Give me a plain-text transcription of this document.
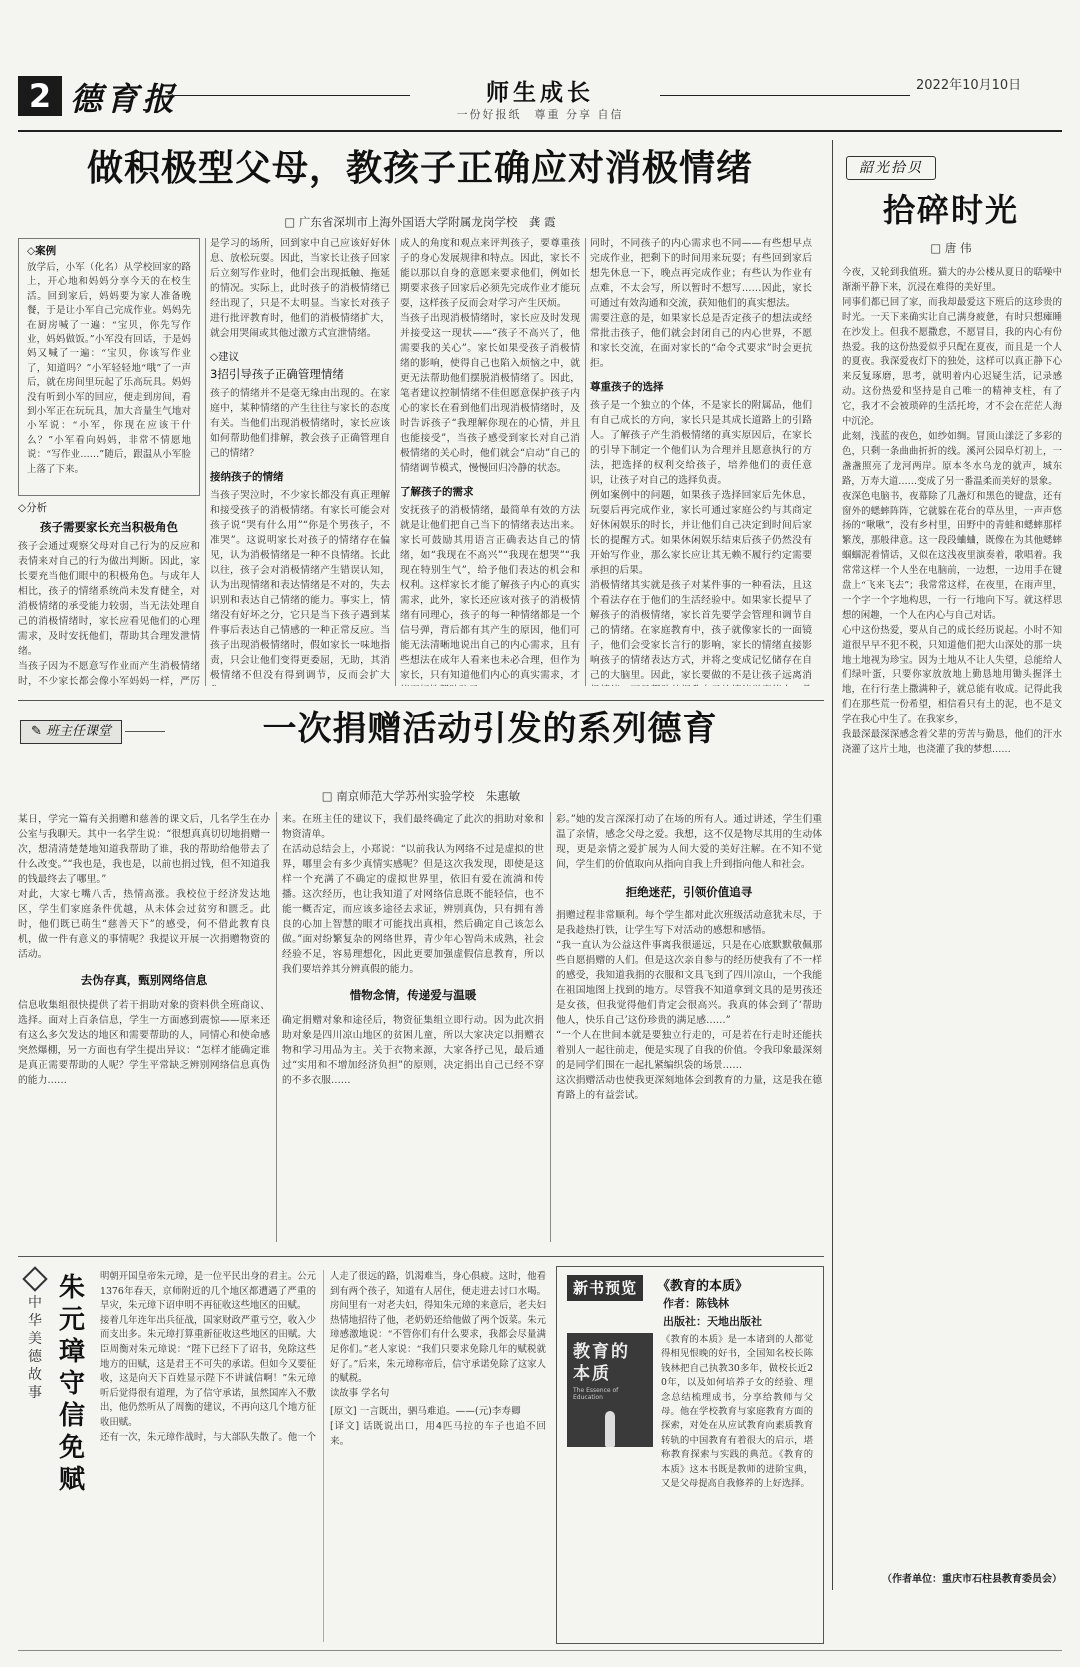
2 德育报	师生成长
一份好报纸　尊重 分享 自信
2022年10月10日
做积极型父母，教孩子正确应对消极情绪
□ 广东省深圳市上海外国语大学附属龙岗学校　龚 霞
◇案例

放学后，小军（化名）从学校回家的路上，开心地和妈妈分享今天的在校生活。回到家后，妈妈要为家人准备晚餐，于是让小军自己完成作业。妈妈先在厨房喊了一遍：“宝贝，你先写作业，妈妈做饭。”小军没有回话，于是妈妈又喊了一遍：“宝贝，你该写作业了，知道吗？”小军轻轻地“哦”了一声后，就在房间里玩起了乐高玩具。妈妈没有听到小军的回应，便走到房间，看到小军正在玩玩具，加大音量生气地对小军说：“小军，你现在应该干什么？”小军看向妈妈，非常不情愿地说：“写作业……”随后，跟温从小军脸上落了下来。

◇分析
孩子需要家长充当积极角色

孩子会通过观察父母对自己行为的反应和表情来对自己的行为做出判断。因此，家长要充当他们眼中的积极角色。与成年人相比，孩子的情绪系统尚未发育健全，对消极情绪的承受能力较弱，当无法处理自己的消极情绪时，家长应看见他们的心理需求，及时安抚他们，帮助其合理发泄情绪。
当孩子因为不愿意写作业而产生消极情绪时，不少家长都会像小军妈妈一样，严厉

是学习的场所，回到家中自己应该好好休息、放松玩耍。因此，当家长让孩子回家后立刻写作业时，他们会出现抵触、拖延的情况。实际上，此时孩子的消极情绪已经出现了，只是不太明显。当家长对孩子进行批评教育时，他们的消极情绪扩大，就会用哭闹或其他过激方式宣泄情绪。

◇建议
3招引导孩子正确管理情绪

孩子的情绪并不是毫无缘由出现的。在家庭中，某种情绪的产生往往与家长的态度有关。当他们出现消极情绪时，家长应该如何帮助他们排解，教会孩子正确管理自己的情绪？

接纳孩子的情绪

当孩子哭泣时，不少家长都没有真正理解和接受孩子的消极情绪。有家长可能会对孩子说“哭有什么用”“你是个男孩子，不准哭”。这说明家长对孩子的情绪存在偏见，认为消极情绪是一种不良情绪。长此以往，孩子会对消极情绪产生错误认知，认为出现情绪和表达情绪是不对的，失去识别和表达自己情绪的能力。事实上，情绪没有好坏之分，它只是当下孩子遇到某件事后表达自己情感的一种正常反应。当孩子出现消极情绪时，假如家长一味地指责，只会让他们变得更委屈，无助，其消极情绪不但没有得到调节，反而会扩大

成人的角度和观点来评判孩子，要尊重孩子的身心发展规律和特点。因此，家长不能以那以自身的意愿来要求他们，例如长期要求孩子回家后必须先完成作业才能玩耍，这样孩子反而会对学习产生厌烦。
当孩子出现消极情绪时，家长应及时发现并接受这一现状——“孩子不高兴了，他需要我的关心”。家长如果受孩子消极情绪的影响，使得自己也陷入烦恼之中，就更无法帮助他们摆脱消极情绪了。因此，笔者建议控制情绪不佳但愿意保护孩子内心的家长在看到他们出现消极情绪时，及时告诉孩子“我理解你现在的心情，并且也能接受”，当孩子感受到家长对自己消极情绪的关心时，他们就会“启动”自己的情绪调节模式，慢慢回归冷静的状态。

了解孩子的需求

安抚孩子的消极情绪，最简单有效的方法就是让他们把自己当下的情绪表达出来。家长可鼓励其用语言正确表达自己的情绪，如“我现在不高兴”“我现在想哭”“我现在特别生气”，给予他们表达的机会和权利。这样家长才能了解孩子内心的真实需求，此外，家长还应该对孩子的消极情绪有同理心，孩子的每一种情绪都是一个信号弹，背后都有其产生的原因，他们可能无法清晰地说出自己的内心需求，且有些想法在成年人看来也未必合理，但作为家长，只有知道他们内心的真实需求，才

同时，不同孩子的内心需求也不同——有些想早点完成作业，把剩下的时间用来玩耍；有些回到家后想先休息一下，晚点再完成作业；有些认为作业有点难，不太会写，所以暂时不想写……因此，家长可通过有效沟通和交流，获知他们的真实想法。
需要注意的是，如果家长总是否定孩子的想法或经常批击孩子，他们就会封闭自己的内心世界，不愿和家长交流，在面对家长的“命令式要求”时会更抗拒。

尊重孩子的选择

孩子是一个独立的个体，不是家长的附属品，他们有自己成长的方向，家长只是其成长道路上的引路人。了解孩子产生消极情绪的真实原因后，在家长的引导下制定一个他们认为合理并且愿意执行的方法，把选择的权利交给孩子，培养他们的责任意识，让孩子对自己的选择负责。
例如案例中的问题，如果孩子选择回家后先休息，玩耍后再完成作业，家长可通过家庭公约与其商定好休闲娱乐的时长，并让他们自己决定到时间后家长的提醒方式。如果休闲娱乐结束后孩子仍然没有开始写作业，那么家长应让其无赖不履行约定需要承担的后果。
消极情绪其实就是孩子对某件事的一种看法，且这个看法存在于他们的生活经验中。如果家长提早了解孩子的消极情绪，家长首先要学会管理和调节自己的情绪。在家庭教育中，孩子就像家长的一面镜子，他们会受家长言行的影响，家长的情绪直接影响孩子的情绪表达方式，并将之变成记忆储存在自己的大脑里。因此，家长要做的不是让孩子远离消

韶光拾贝
拾碎时光
□ 唐 伟

今夜，又轮到我值班。猫大的办公楼从夏日的聒噪中渐渐平静下来，沉浸在难得的美好里。
同事们都已回了家，而我却最爱这下班后的这珍贵的时光。一天下来确实让自己满身疲惫，有时只想瘫睡在沙发上。但我不愿撒怠，不愿冒目，我的内心有份热爱。我的这份热爱似乎只配在夏夜，而且是一个人的夏夜。我深爱夜灯下的独处，这样可以真正静下心来反复琢磨，思考，就明着内心迟疑生活，记录感动。这份热爱和坚持是自己唯一的精神支柱，有了它，我才不会被琐碎的生活托垮，才不会在茫茫人海中沉沦。
此刻，浅蓝的夜色，如纱如绸。冒顶山漾泛了多彩的色，只剩一条曲曲折折的线。溪河公园阜灯初上，一盏盏照亮了龙河两岸。原本冬水乌龙的就声，城东路，万寿大道……变成了另一番温柔而美好的景象。
夜深色电脑书，夜幕除了几盏灯和黑色的键盘，还有窗外的蟋蟀阵阵，它就躲在花台的草丛里，一声声悠扬的“啾啾”，没有乡村里，田野中的青蛙和蟋蟀那样繁茂，那般律意。这一段段蛐蛐，既像在为其他蟋蟀蝈蝈泥着情话，又似在这浅夜里演奏着，歌唱着。我常常这样一个人坐在电脑前，一边想，一边用手在键盘上“飞来飞去”；我常常这样，在夜里，在雨声里，一个字一个字地构思，一行一行地向下写。就这样思想的闲趣，一个人在内心与自己对话。
心中这份热爱，要从自己的成长经历说起。小时不知道很早早不犯不税，只知道他们把大山深处的那一块地土地视为珍宝。因为土地从不让人失望，总能给人们绿叶蛋，只要你家放放地上勤恳地用锄头握泽土地，在行行垄上撒满种子，就总能有收成。记得此我们在那些荒一份希望，相信看只有土的泥，也不是文学在我心中生了。在我家乡，
我最深最深深感念着父辈的劳苦与勤恳，他们的汗水浇灌了这片土地，也浇灌了我的梦想……

（作者单位：重庆市石柱县教育委员会）
✎ 班主任课堂	一次捐赠活动引发的系列德育
□ 南京师范大学苏州实验学校　朱惠敏

某日，学完一篇有关捐赠和慈善的课文后，几名学生在办公室与我聊天。其中一名学生说：“很想真真切切地捐赠一次，想清清楚楚地知道我帮助了谁，我的帮助给他带去了什么改变。”“我也是，我也是，以前也捐过钱，但不知道我的钱最终去了哪里。”
对此，大家七嘴八舌，热情高涨。我校位于经济发达地区，学生们家庭条件优越，从未体会过贫穷和匮乏。此时，他们既已萌生“慈善天下”的感受，何不借此教育良机，做一件有意义的事情呢？我提议开展一次捐赠物资的活动。

去伪存真，甄别网络信息

信息收集组很快提供了若干捐助对象的资料供全班商议、选择。面对上百条信息，学生一方面感到震惊——原来还有这么多欠发达的地区和需要帮助的人，同情心和使命感突然爆棚，另一方面也有学生提出异议：“怎样才能确定谁是真正需要帮助的人呢？学生平常缺乏辨别网络信息真伪的能力……

来。在班主任的建议下，我们最终确定了此次的捐助对象和物资清单。
在活动总结会上，小郑说：“以前我认为网络不过是虚拟的世界，哪里会有多少真情实感呢？但是这次我发现，即使是这样一个充满了不确定的虚拟世界里，依旧有爱在流淌和传播。这次经历，也让我知道了对网络信息既不能轻信，也不能一概否定，而应该多途径去求证，辨别真伪，只有拥有善良的心加上智慧的眼才可能找出真相，然后确定自己该怎么做。”面对纷繁复杂的网络世界，青少年心智尚未成熟，社会经验不足，容易理想化，因此更要加强虚假信息教育，所以我们要培养其分辨真假的能力。

惜物念情，传递爱与温暖

确定捐赠对象和途径后，物资征集组立即行动。因为此次捐助对象是四川凉山地区的贫困儿童，所以大家决定以捐赠衣物和学习用品为主。关于衣物来源，大家各抒己见，最后通过“实用和不增加经济负担”的原则，决定捐出自己已经不穿的不多衣服……

彩。”她的发言深深打动了在场的所有人。通过讲述，学生们重温了亲情，感念父母之爱。我想，这不仅是物尽其用的生动体现，更是亲情之爱扩展为人间大爱的美好注解。在不知不觉间，学生们的价值取向从指向自我上升到指向他人和社会。

拒绝迷茫，引领价值追寻

捐赠过程非常顺利。每个学生都对此次班级活动意犹未尽，于是我趁热打铁，让学生写下对活动的感想和感悟。
“我一直认为公益这件事离我很遥远，只是在心底默默敬佩那些自愿捐赠的人们。但是这次亲自参与的经历使我有了不一样的感受，我知道我捐的衣服和文具飞到了四川凉山，一个我能在祖国地图上找到的地方。尽管我不知道拿到文具的是男孩还是女孩，但我觉得他们肯定会很高兴。我真的体会到了‘帮助他人，快乐自己’这份珍贵的满足感……”
“一个人在世间本就是要独立行走的，可是若在行走时还能扶着别人一起往前走，便是实现了自我的价值。令我印象最深刻的是同学们围在一起扎紧编织袋的场景……
这次捐赠活动也使我更深刻地体会到教育的力量，这是我在德育路上的有益尝试。

中华美德故事
朱元璋守信免赋

明朝开国皇帝朱元璋，是一位平民出身的君主。公元1376年春天，京师附近的几个地区都遭遇了严重的旱灾，朱元璋下诏申明不再征收这些地区的田赋。
接着几年连年出兵征战，国家财政严重亏空，收入少而支出多。朱元璋打算重新征收这些地区的田赋。大臣周衡对朱元璋说：“陛下已经下了诏书，免除这些地方的田赋，这是君王不可失的承诺。但如今又要征收，这是向天下百姓显示陛下不讲诚信啊！”朱元璋听后觉得很有道理，为了信守承诺，虽然国库入不敷出，他仍然听从了周衡的建议，不再向这几个地方征收田赋。
还有一次，朱元璋作战时，与大部队失散了。他一个人走了很远的路，饥渴难当，身心俱疲。这时，他看到有两个孩子，知道有人居住，便走进去讨口水喝。房间里有一对老夫妇，得知朱元璋的来意后，老夫妇热情地招待了他，老奶奶还给他做了两个饭菜。朱元璋感激地说：“不管你们有什么要求，我都会尽量满足你们。”老人家说：“我们只要求免除几年的赋税就好了。”后来，朱元璋称帝后，信守承诺免除了这家人的赋税。
读故事 学名句

[原文] 一言既出，驷马难追。——(元)李寿卿

[译文] 话既说出口，用4匹马拉的车子也追不回来。

新书预览	《教育的本质》
作者：陈钱林
出版社：天地出版社
教育的本质
The Essence of Education

《教育的本质》是一本诸到的人都觉得相见恨晚的好书，全国知名校长陈钱林把自己执教30多年，做校长近20年，以及如何培养子女的经验、理念总结梳理成书，分享给教师与父母。他在学校教育与家庭教育方面的探索，对处在从应试教育向素质教育转轨的中国教育有着很大的启示，堪称教育探索与实践的典范。《教育的本质》这本书既是教师的进阶宝典，又是父母提高自我修养的上好选择。
